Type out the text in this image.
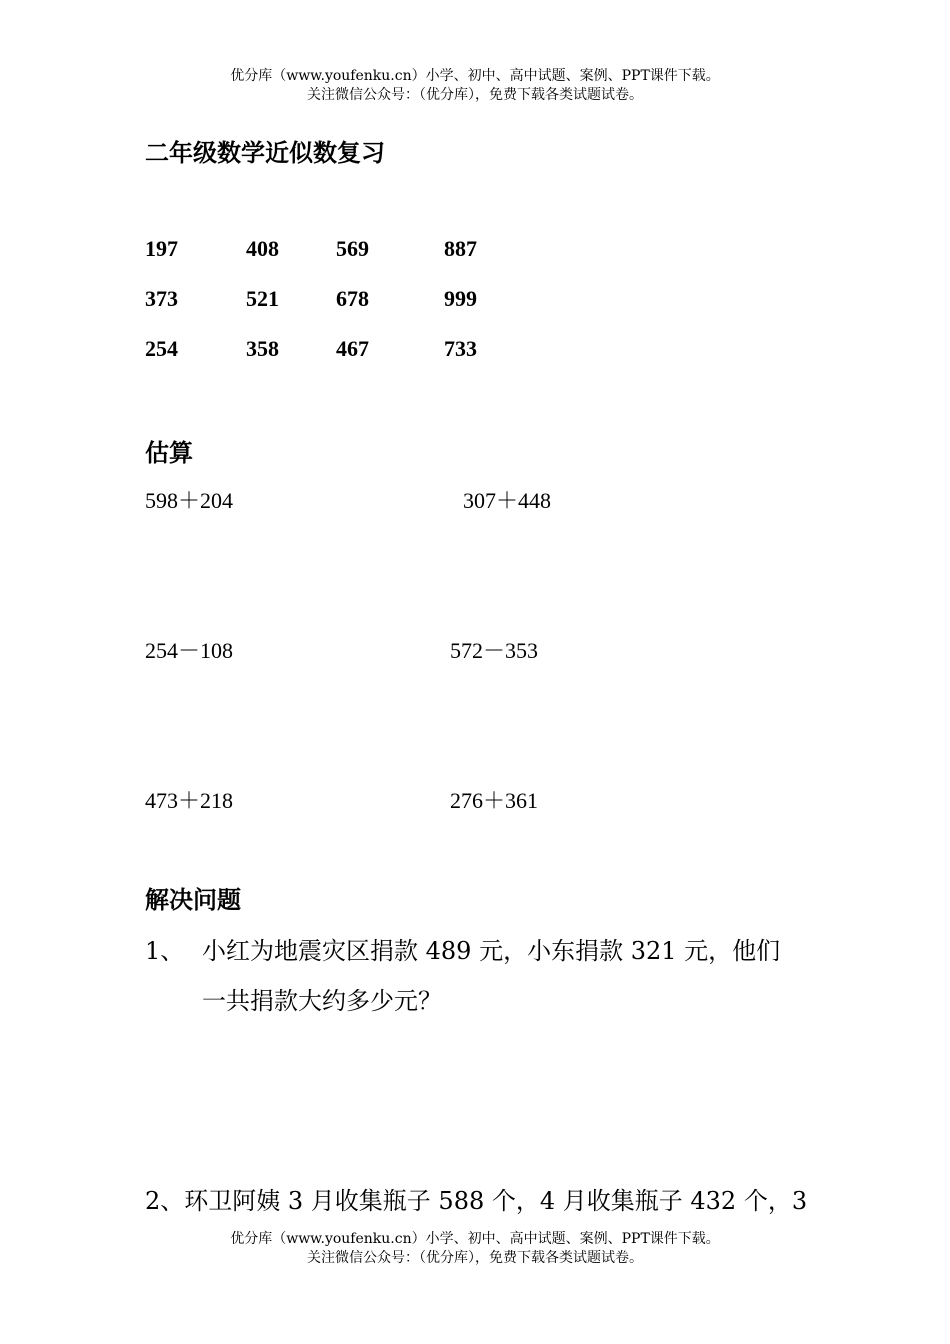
优分库（www.youfenku.cn）小学、初中、高中试题、案例、PPT课件下载。
关注微信公众号：（优分库），免费下载各类试题试卷。
二年级数学近似数复习
197	408	569	887
373	521	678	999
254	358	467	733
估算
598＋204	307＋448
254－108	572－353
473＋218	276＋361
解决问题
1、 小红为地震灾区捐款 489 元，小东捐款 321 元，他们
一共捐款大约多少元？
2、环卫阿姨 3 月收集瓶子 588 个，4 月收集瓶子 432 个，3
优分库（www.youfenku.cn）小学、初中、高中试题、案例、PPT课件下载。
关注微信公众号：（优分库），免费下载各类试题试卷。
